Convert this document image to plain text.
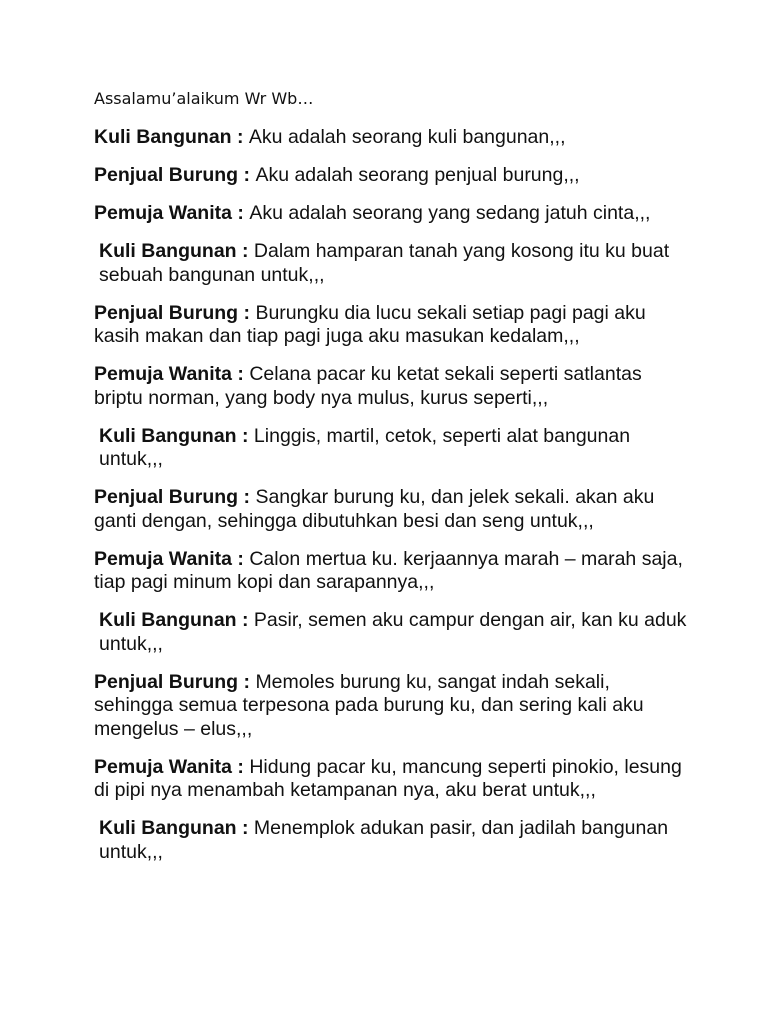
Assalamu’alaikum Wr Wb…
Kuli Bangunan : Aku adalah seorang kuli bangunan,,,
Penjual Burung : Aku adalah seorang penjual burung,,,
Pemuja Wanita : Aku adalah seorang yang sedang jatuh cinta,,,
Kuli Bangunan : Dalam hamparan tanah yang kosong itu ku buat sebuah bangunan untuk,,,
Penjual Burung : Burungku dia lucu sekali setiap pagi pagi aku kasih makan dan tiap pagi juga aku masukan kedalam,,,
Pemuja Wanita : Celana pacar ku ketat sekali seperti satlantas briptu norman, yang body nya mulus, kurus seperti,,,
Kuli Bangunan : Linggis, martil, cetok, seperti alat bangunan untuk,,,
Penjual Burung : Sangkar burung ku, dan jelek sekali. akan aku ganti dengan, sehingga dibutuhkan besi dan seng untuk,,,
Pemuja Wanita : Calon mertua ku. kerjaannya marah – marah saja, tiap pagi minum kopi dan sarapannya,,,
Kuli Bangunan : Pasir, semen aku campur dengan air, kan ku aduk untuk,,,
Penjual Burung : Memoles burung ku, sangat indah sekali, sehingga semua terpesona pada burung ku, dan sering kali aku mengelus – elus,,,
Pemuja Wanita : Hidung pacar ku, mancung seperti pinokio, lesung di pipi nya menambah ketampanan nya, aku berat untuk,,,
Kuli Bangunan : Menemplok adukan pasir, dan jadilah bangunan untuk,,,
